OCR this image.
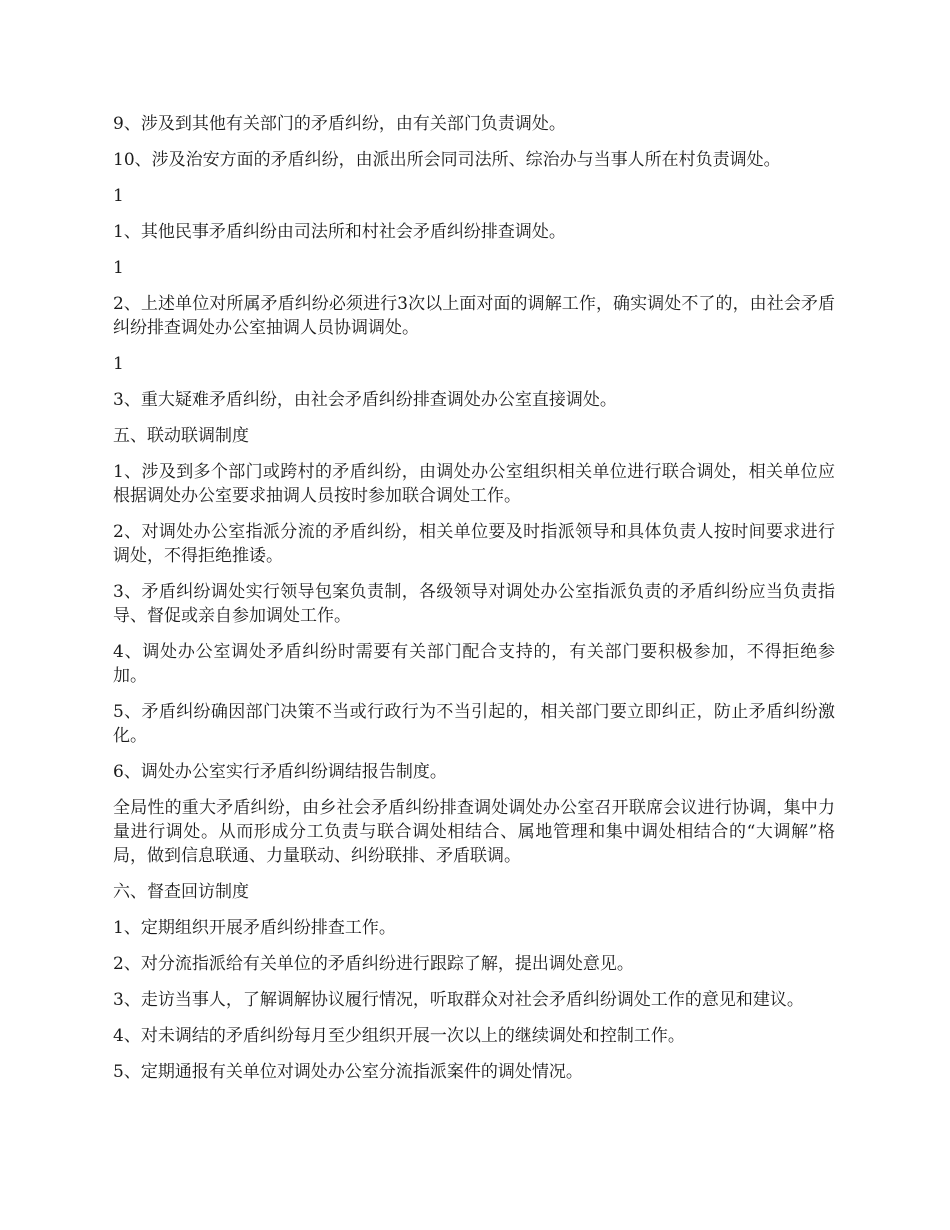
9、涉及到其他有关部门的矛盾纠纷，由有关部门负责调处。

10、涉及治安方面的矛盾纠纷，由派出所会同司法所、综治办与当事人所在村负责调处。

1

1、其他民事矛盾纠纷由司法所和村社会矛盾纠纷排查调处。

1

2、上述单位对所属矛盾纠纷必须进行3次以上面对面的调解工作，确实调处不了的，由社会矛盾纠纷排查调处办公室抽调人员协调调处。

1

3、重大疑难矛盾纠纷，由社会矛盾纠纷排查调处办公室直接调处。

五、联动联调制度

1、涉及到多个部门或跨村的矛盾纠纷，由调处办公室组织相关单位进行联合调处，相关单位应根据调处办公室要求抽调人员按时参加联合调处工作。

2、对调处办公室指派分流的矛盾纠纷，相关单位要及时指派领导和具体负责人按时间要求进行调处，不得拒绝推诿。

3、矛盾纠纷调处实行领导包案负责制，各级领导对调处办公室指派负责的矛盾纠纷应当负责指导、督促或亲自参加调处工作。

4、调处办公室调处矛盾纠纷时需要有关部门配合支持的，有关部门要积极参加，不得拒绝参加。

5、矛盾纠纷确因部门决策不当或行政行为不当引起的，相关部门要立即纠正，防止矛盾纠纷激化。

6、调处办公室实行矛盾纠纷调结报告制度。

全局性的重大矛盾纠纷，由乡社会矛盾纠纷排查调处调处办公室召开联席会议进行协调，集中力量进行调处。从而形成分工负责与联合调处相结合、属地管理和集中调处相结合的“大调解”格局，做到信息联通、力量联动、纠纷联排、矛盾联调。

六、督查回访制度

1、定期组织开展矛盾纠纷排查工作。

2、对分流指派给有关单位的矛盾纠纷进行跟踪了解，提出调处意见。

3、走访当事人，了解调解协议履行情况，听取群众对社会矛盾纠纷调处工作的意见和建议。

4、对未调结的矛盾纠纷每月至少组织开展一次以上的继续调处和控制工作。

5、定期通报有关单位对调处办公室分流指派案件的调处情况。
